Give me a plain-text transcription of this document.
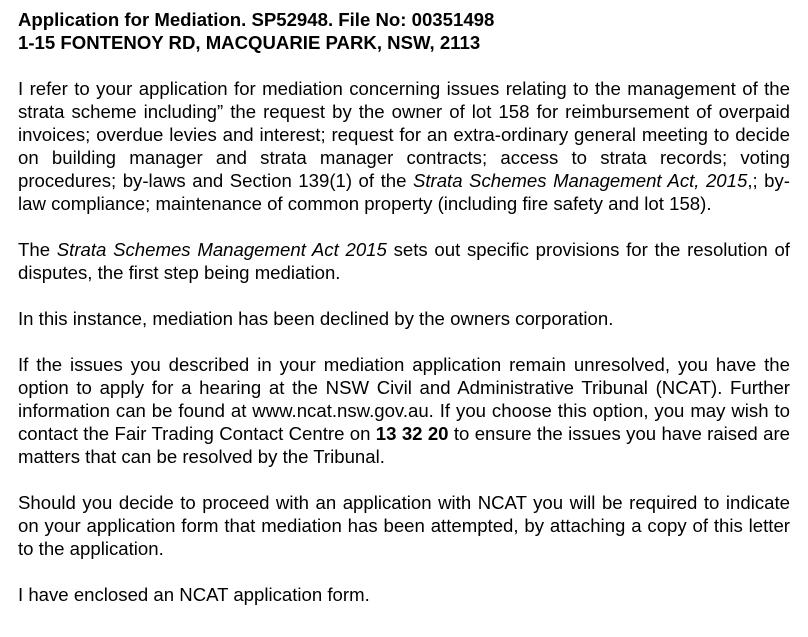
Application for Mediation. SP52948. File No: 00351498

1-15 FONTENOY RD, MACQUARIE PARK, NSW, 2113

I refer to your application for mediation concerning issues relating to the management of the strata scheme including” the request by the owner of lot 158 for reimbursement of overpaid invoices; overdue levies and interest; request for an extra-ordinary general meeting to decide on building manager and strata manager contracts; access to strata records; voting procedures; by-laws and Section 139(1) of the Strata Schemes Management Act, 2015,; by-law compliance; maintenance of common property (including fire safety and lot 158).

The Strata Schemes Management Act 2015 sets out specific provisions for the resolution of disputes, the first step being mediation.

In this instance, mediation has been declined by the owners corporation.

If the issues you described in your mediation application remain unresolved, you have the option to apply for a hearing at the NSW Civil and Administrative Tribunal (NCAT). Further information can be found at www.ncat.nsw.gov.au. If you choose this option, you may wish to contact the Fair Trading Contact Centre on 13 32 20 to ensure the issues you have raised are matters that can be resolved by the Tribunal.

Should you decide to proceed with an application with NCAT you will be required to indicate on your application form that mediation has been attempted, by attaching a copy of this letter to the application.

I have enclosed an NCAT application form.
